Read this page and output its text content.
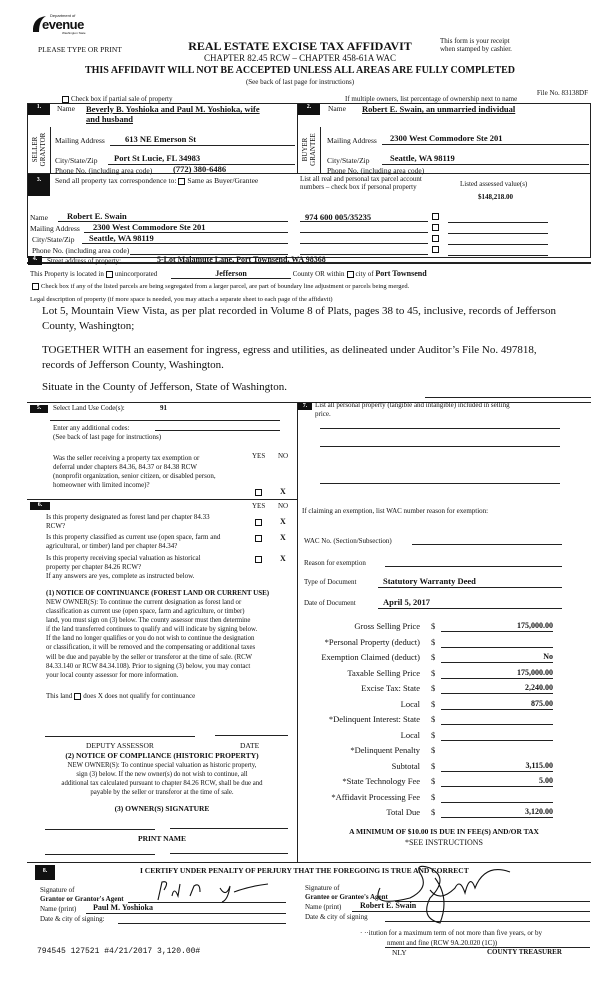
Department of
evenue
Washington State
PLEASE TYPE OR PRINT	REAL ESTATE EXCISE TAX AFFIDAVIT
CHAPTER 82.45 RCW – CHAPTER 458-61A WAC
This form is your receipt
when stamped by cashier.
THIS AFFIDAVIT WILL NOT BE ACCEPTED UNLESS ALL AREAS ARE FULLY COMPLETED
(See back of last page for instructions)
File No. 83138DF
Check box if partial sale of property	If multiple owners, list percentage of ownership next to name
1.	2.
SELLER GRANTOR	BUYER GRANTEE
Name Beverly B. Yoshioka and Paul M. Yoshioka, wife
and husband
Mailing Address 613 NE Emerson St
City/State/Zip Port St Lucie, FL 34983
Phone No. (including area code) (772) 380-6486
Name Robert E. Swain, an unmarried individual
Mailing Address 2300 West Commodore Ste 201
City/State/Zip Seattle, WA 98119
Phone No. (including area code)
3.	Send all property tax correspondence to: Same as Buyer/Grantee	List all real and personal tax parcel account
numbers – check box if personal property	Listed assessed value(s)
$148,218.00
Name Robert E. Swain
Mailing Address 2300 West Commodore Ste 201
City/State/Zip Seattle, WA 98119
Phone No. (including area code)
974 600 005/35235
4.	Street address of property:	5-Lot Malamute Lane, Port Townsend, WA 98368
This Property is located in unincorporated	Jefferson	County OR within city of Port Townsend
Check box if any of the listed parcels are being segregated from a larger parcel, are part of boundary line adjustment or parcels being merged.
Legal description of property (if more space is needed, you may attach a separate sheet to each page of the affidavit)
Lot 5, Mountain View Vista, as per plat recorded in Volume 8 of Plats, pages 38 to 45, inclusive, records of Jefferson
County, Washington;
TOGETHER WITH an easement for ingress, egress and utilities, as delineated under Auditor’s File No. 497818,
records of Jefferson County, Washington.
Situate in the County of Jefferson, State of Washington.
5.	Select Land Use Code(s):	91
Enter any additional codes:
(See back of last page for instructions)
YES NO
Was the seller receiving a property tax exemption or
deferral under chapters 84.36, 84.37 or 84.38 RCW
(nonprofit organization, senior citizen, or disabled person,
homeowner with limited income)?
X
6.	YES NO
Is this property designated as forest land per chapter 84.33
RCW?	X
Is this property classified as current use (open space, farm and
agricultural, or timber) land per chapter 84.34?
X
Is this property receiving special valuation as historical
property per chapter 84.26 RCW?
X
If any answers are yes, complete as instructed below.
(1) NOTICE OF CONTINUANCE (FOREST LAND OR CURRENT USE)
NEW OWNER(S): To continue the current designation as forest land or
classification as current use (open space, farm and agriculture, or timber)
land, you must sign on (3) below. The county assessor must then determine
if the land transferred continues to qualify and will indicate by signing below.
If the land no longer qualifies or you do not wish to continue the designation
or classification, it will be removed and the compensating or additional taxes
will be due and payable by the seller or transferor at the time of sale. (RCW
84.33.140 or RCW 84.34.108). Prior to signing (3) below, you may contact
your local county assessor for more information.
This land does X does not qualify for continuance
DEPUTY ASSESSOR	DATE
(2) NOTICE OF COMPLIANCE (HISTORIC PROPERTY)
NEW OWNER(S): To continue special valuation as historic property,
sign (3) below. If the new owner(s) do not wish to continue, all
additional tax calculated pursuant to chapter 84.26 RCW, shall be due and
payable by the seller or transferor at the time of sale.
(3) OWNER(S) SIGNATURE
PRINT NAME
7.	List all personal property (tangible and intangible) included in selling
price.
If claiming an exemption, list WAC number reason for exemption:
WAC No. (Section/Subsection)
Reason for exemption
Type of Document	Statutory Warranty Deed
Date of Document	April 5, 2017
Gross Selling Price $	175,000.00
*Personal Property (deduct) $
Exemption Claimed (deduct) $	No
Taxable Selling Price $	175,000.00
Excise Tax: State $	2,240.00
Local $	875.00
*Delinquent Interest: State $
Local $
*Delinquent Penalty $
Subtotal $	3,115.00
*State Technology Fee $	5.00
*Affidavit Processing Fee $
Total Due $	3,120.00
A MINIMUM OF $10.00 IS DUE IN FEE(S) AND/OR TAX
*SEE INSTRUCTIONS
8.	I CERTIFY UNDER PENALTY OF PERJURY THAT THE FOREGOING IS TRUE AND CORRECT
Signature of
Grantor or Grantor's Agent
Name (print) Paul M. Yoshioka
Date & city of signing:
Signature of
Grantee or Grantee's Agent
Name (print) Robert E. Swain
Date & city of signing
· ··itution for a maximum term of not more than five years, or by
nment and fine (RCW 9A.20.020 (1C))
NLY	COUNTY TREASURER
794545 127521 #4/21/2017 3,120.00#
